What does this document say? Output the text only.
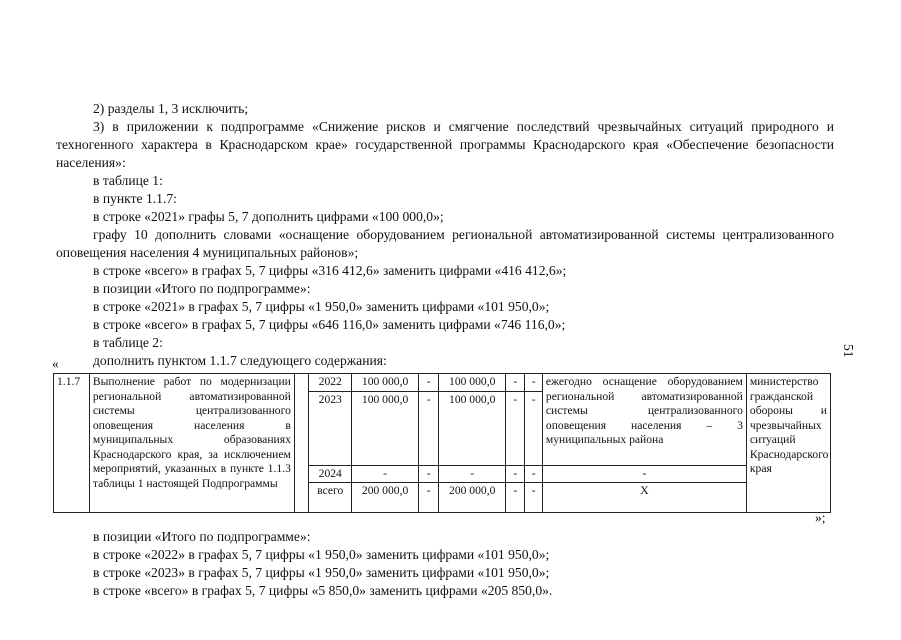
2) разделы 1, 3 исключить;
3) в приложении к подпрограмме «Снижение рисков и смягчение последствий чрезвычайных ситуаций природного и техногенного характера в Краснодарском крае» государственной программы Краснодарского края «Обеспечение безопасности населения»:
в таблице 1:
в пункте 1.1.7:
в строке «2021» графы 5, 7 дополнить цифрами «100 000,0»;
графу 10 дополнить словами «оснащение оборудованием региональной автоматизированной системы централизованного оповещения населения 4 муниципальных районов»;
в строке «всего» в графах 5, 7 цифры «316 412,6» заменить цифрами «416 412,6»;
в позиции «Итого по подпрограмме»:
в строке «2021» в графах 5, 7 цифры «1 950,0» заменить цифрами «101 950,0»;
в строке «всего» в графах 5, 7 цифры «646 116,0» заменить цифрами «746 116,0»;
в таблице 2:
дополнить пунктом 1.1.7 следующего содержания:
51
«
1.1.7	Выполнение работ по модернизации региональной автоматизированной системы централизованного оповещения населения в муниципальных образованиях Краснодарского края, за исключением мероприятий, указанных в пункте 1.1.3 таблицы 1 настоящей Подпрограммы		2022	100 000,0	-	100 000,0	-	-	ежегодно оснащение оборудованием региональной автоматизированной системы централизованного оповещения населения – 3 муниципальных района	министерство гражданской обороны и чрезвычайных ситуаций Краснодарского края
			2023	100 000,0	-	100 000,0	-	-		
			2024	-	-	-	-	-	-	
			всего	200 000,0	-	200 000,0	-	-	Х	
»;
в позиции «Итого по подпрограмме»:
в строке «2022» в графах 5, 7 цифры «1 950,0» заменить цифрами «101 950,0»;
в строке «2023» в графах 5, 7 цифры «1 950,0» заменить цифрами «101 950,0»;
в строке «всего» в графах 5, 7 цифры «5 850,0» заменить цифрами «205 850,0».
